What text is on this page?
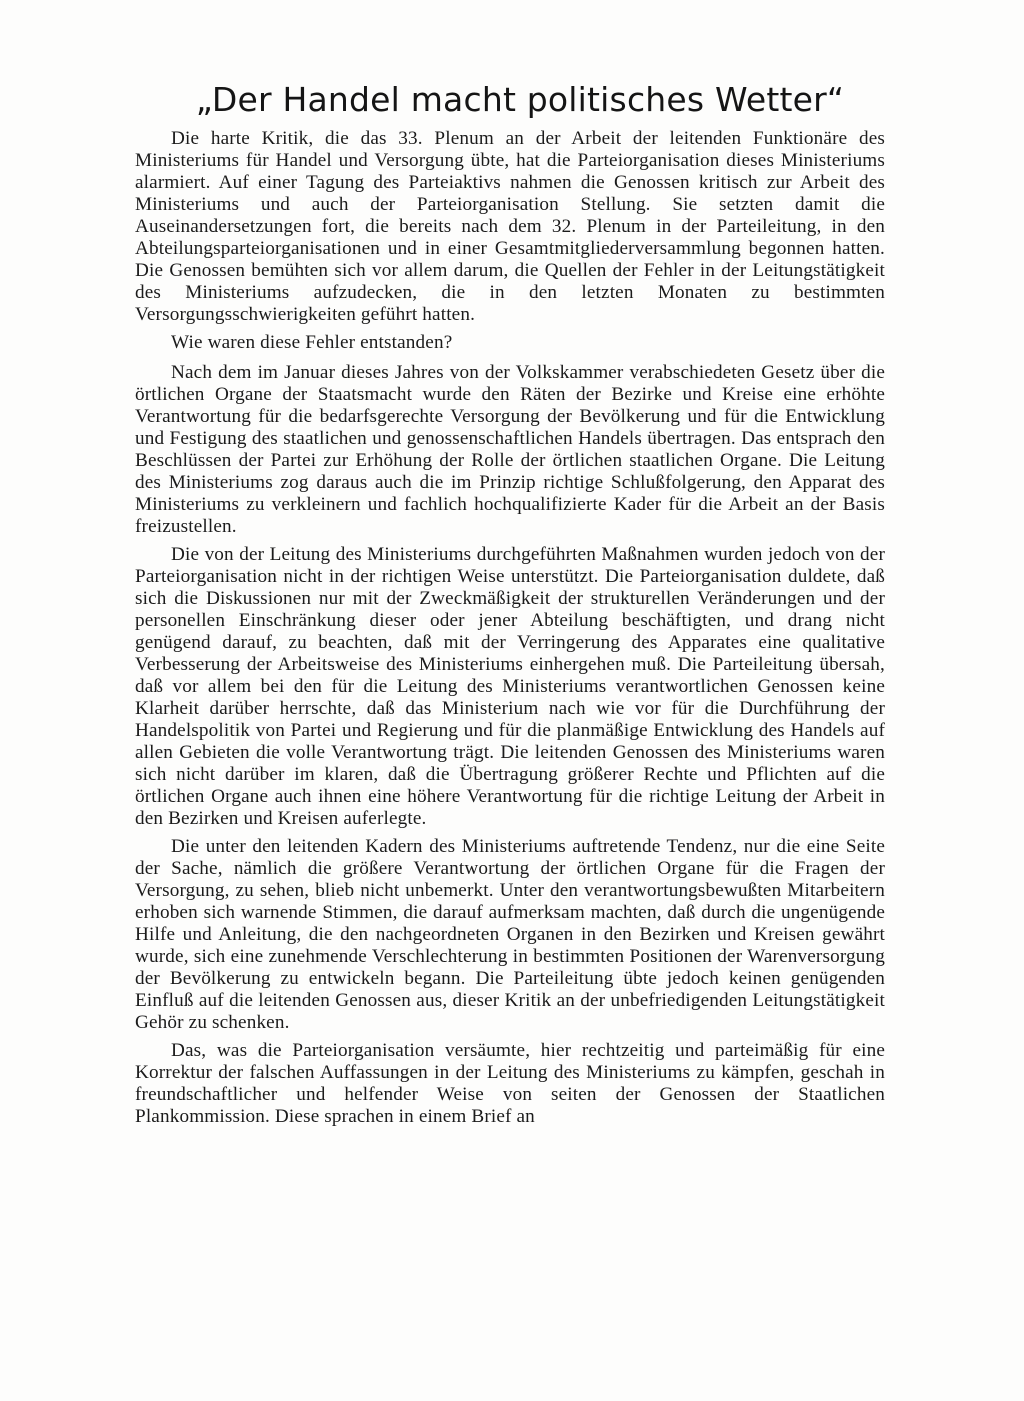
„Der Handel macht politisches Wetter“

Die harte Kritik, die das 33. Plenum an der Arbeit der leitenden Funktionäre des Ministeriums für Handel und Versorgung übte, hat die Parteiorganisation dieses Ministeriums alarmiert. Auf einer Tagung des Parteiaktivs nahmen die Genossen kritisch zur Arbeit des Ministeriums und auch der Parteiorganisation Stellung. Sie setzten damit die Auseinandersetzungen fort, die bereits nach dem 32. Plenum in der Parteileitung, in den Abteilungsparteiorganisationen und in einer Gesamtmitgliederversammlung begonnen hatten. Die Genossen bemühten sich vor allem darum, die Quellen der Fehler in der Leitungstätigkeit des Ministeriums aufzudecken, die in den letzten Monaten zu bestimmten Versorgungsschwierigkeiten geführt hatten.

Wie waren diese Fehler entstanden?

Nach dem im Januar dieses Jahres von der Volkskammer verabschiedeten Gesetz über die örtlichen Organe der Staatsmacht wurde den Räten der Bezirke und Kreise eine erhöhte Verantwortung für die bedarfsgerechte Versorgung der Bevölkerung und für die Entwicklung und Festigung des staatlichen und genossenschaftlichen Handels übertragen. Das entsprach den Beschlüssen der Partei zur Erhöhung der Rolle der örtlichen staatlichen Organe. Die Leitung des Ministeriums zog daraus auch die im Prinzip richtige Schlußfolgerung, den Apparat des Ministeriums zu verkleinern und fachlich hochqualifizierte Kader für die Arbeit an der Basis freizustellen.

Die von der Leitung des Ministeriums durchgeführten Maßnahmen wurden jedoch von der Parteiorganisation nicht in der richtigen Weise unterstützt. Die Parteiorganisation duldete, daß sich die Diskussionen nur mit der Zweckmäßigkeit der strukturellen Veränderungen und der personellen Einschränkung dieser oder jener Abteilung beschäftigten, und drang nicht genügend darauf, zu beachten, daß mit der Verringerung des Apparates eine qualitative Verbesserung der Arbeitsweise des Ministeriums einhergehen muß. Die Parteileitung übersah, daß vor allem bei den für die Leitung des Ministeriums verantwortlichen Genossen keine Klarheit darüber herrschte, daß das Ministerium nach wie vor für die Durchführung der Handelspolitik von Partei und Regierung und für die planmäßige Entwicklung des Handels auf allen Gebieten die volle Verantwortung trägt. Die leitenden Genossen des Ministeriums waren sich nicht darüber im klaren, daß die Übertragung größerer Rechte und Pflichten auf die örtlichen Organe auch ihnen eine höhere Verantwortung für die richtige Leitung der Arbeit in den Bezirken und Kreisen auferlegte.

Die unter den leitenden Kadern des Ministeriums auftretende Tendenz, nur die eine Seite der Sache, nämlich die größere Verantwortung der örtlichen Organe für die Fragen der Versorgung, zu sehen, blieb nicht unbemerkt. Unter den verantwortungsbewußten Mitarbeitern erhoben sich warnende Stimmen, die darauf aufmerksam machten, daß durch die ungenügende Hilfe und Anleitung, die den nachgeordneten Organen in den Bezirken und Kreisen gewährt wurde, sich eine zunehmende Verschlechterung in bestimmten Positionen der Warenversorgung der Bevölkerung zu entwickeln begann. Die Parteileitung übte jedoch keinen genügenden Einfluß auf die leitenden Genossen aus, dieser Kritik an der unbefriedigenden Leitungstätigkeit Gehör zu schenken.

Das, was die Parteiorganisation versäumte, hier rechtzeitig und parteimäßig für eine Korrektur der falschen Auffassungen in der Leitung des Ministeriums zu kämpfen, geschah in freundschaftlicher und helfender Weise von seiten der Genossen der Staatlichen Plankommission. Diese sprachen in einem Brief an
